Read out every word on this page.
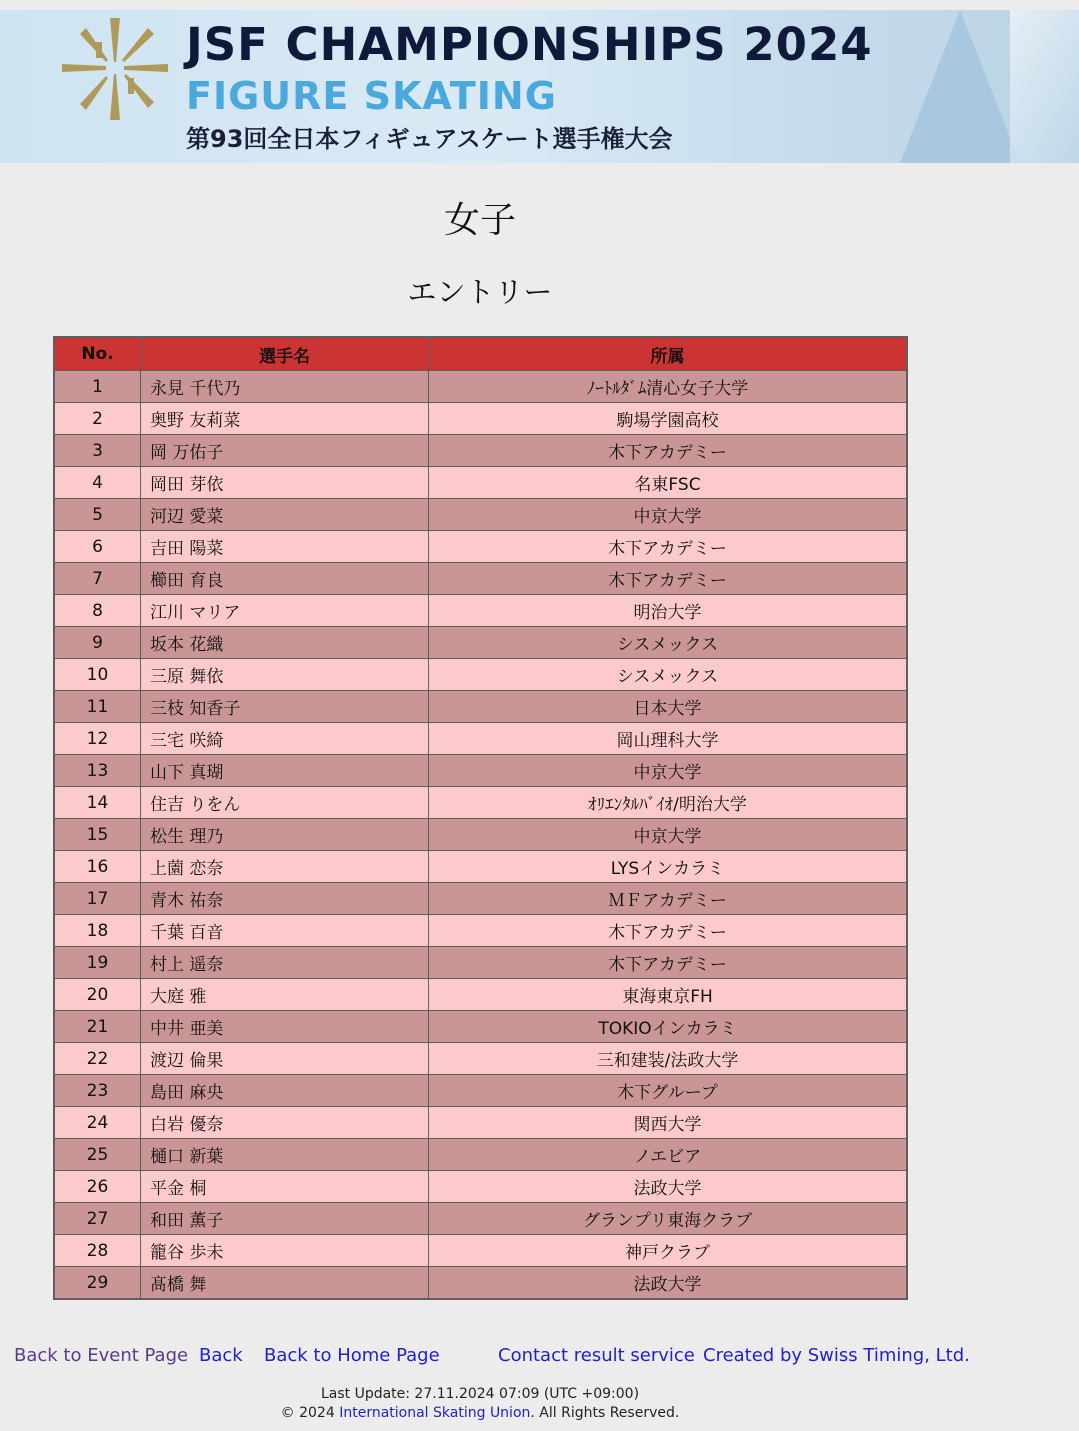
JSF CHAMPIONSHIPS 2024
FIGURE SKATING
第93回全日本フィギュアスケート選手権大会
女子
エントリー
No.	選手名	所属
1	永見 千代乃	ﾉｰﾄﾙﾀﾞﾑ清心女子大学
2	奥野 友莉菜	駒場学園高校
3	岡 万佑子	木下アカデミー
4	岡田 芽依	名東FSC
5	河辺 愛菜	中京大学
6	吉田 陽菜	木下アカデミー
7	櫛田 育良	木下アカデミー
8	江川 マリア	明治大学
9	坂本 花織	シスメックス
10	三原 舞依	シスメックス
11	三枝 知香子	日本大学
12	三宅 咲綺	岡山理科大学
13	山下 真瑚	中京大学
14	住吉 りをん	ｵﾘｴﾝﾀﾙﾊﾞｲｵ/明治大学
15	松生 理乃	中京大学
16	上薗 恋奈	LYSインカラミ
17	青木 祐奈	ＭＦアカデミー
18	千葉 百音	木下アカデミー
19	村上 遥奈	木下アカデミー
20	大庭 雅	東海東京FH
21	中井 亜美	TOKIOインカラミ
22	渡辺 倫果	三和建装/法政大学
23	島田 麻央	木下グループ
24	白岩 優奈	関西大学
25	樋口 新葉	ノエビア
26	平金 桐	法政大学
27	和田 薫子	グランプリ東海クラブ
28	籠谷 歩未	神戸クラブ
29	髙橋 舞	法政大学
Back to Event Page Back Back to Home Page	Contact result service Created by Swiss Timing, Ltd.
Last Update: 27.11.2024 07:09 (UTC +09:00)
© 2024 International Skating Union. All Rights Reserved.
